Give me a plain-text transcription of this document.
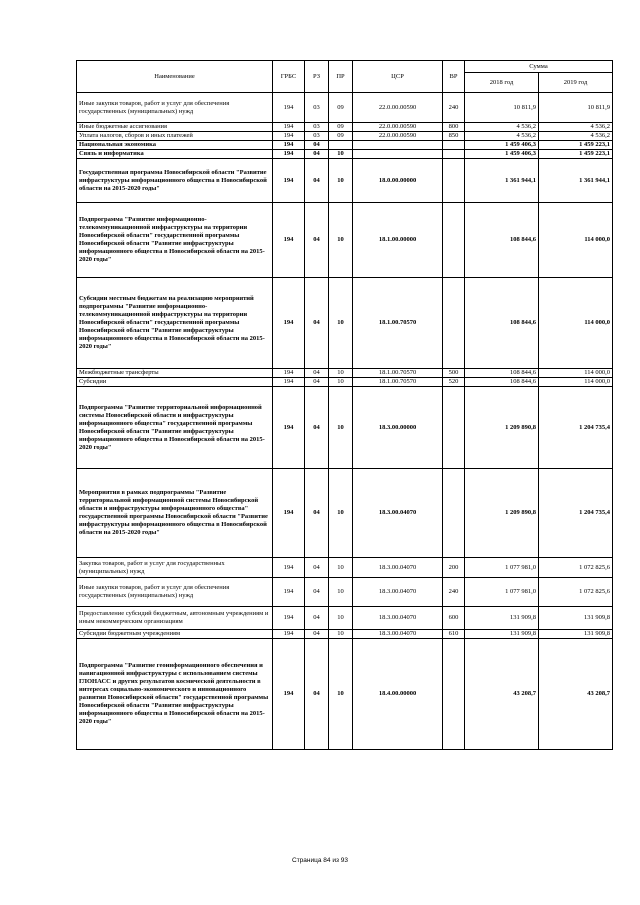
Наименование	ГРБС	РЗ	ПР	ЦСР	ВР	Сумма	
						2018 год	2019 год
Иные закупки товаров, работ и услуг для обеспечения государственных (муниципальных) нужд	194	03	09	22.0.00.00590	240	10 811,9	10 811,9
Иные бюджетные ассигнования	194	03	09	22.0.00.00590	800	4 536,2	4 536,2
Уплата налогов, сборов и иных платежей	194	03	09	22.0.00.00590	850	4 536,2	4 536,2
Национальная экономика	194	04				1 459 406,3	1 459 223,1
Связь и информатика	194	04	10			1 459 406,3	1 459 223,1
Государственная программа Новосибирской области "Развитие инфраструктуры информационного общества в Новосибирской области на 2015-2020 годы"	194	04	10	18.0.00.00000		1 361 944,1	1 361 944,1
Подпрограмма "Развитие информационно-телекоммуникационной инфраструктуры на территории Новосибирской области" государственной программы Новосибирской области "Развитие инфраструктуры информационного общества в Новосибирской области на 2015-2020 годы"	194	04	10	18.1.00.00000		108 844,6	114 000,0
Субсидии местным бюджетам на реализацию мероприятий подпрограммы "Развитие информационно-телекоммуникационной инфраструктуры на территории Новосибирской области" государственной программы Новосибирской области "Развитие инфраструктуры информационного общества в Новосибирской области на 2015-2020 годы"	194	04	10	18.1.00.70570		108 844,6	114 000,0
Межбюджетные трансферты	194	04	10	18.1.00.70570	500	108 844,6	114 000,0
Субсидии	194	04	10	18.1.00.70570	520	108 844,6	114 000,0
Подпрограмма "Развитие территориальной информационной системы Новосибирской области и инфраструктуры информационного общества" государственной программы Новосибирской области "Развитие инфраструктуры информационного общества в Новосибирской области на 2015-2020 годы"	194	04	10	18.3.00.00000		1 209 890,8	1 204 735,4
Мероприятия в рамках подпрограммы "Развитие территориальной информационной системы Новосибирской области и инфраструктуры информационного общества" государственной программы Новосибирской области "Развитие инфраструктуры информационного общества в Новосибирской области на 2015-2020 годы"	194	04	10	18.3.00.04070		1 209 890,8	1 204 735,4
Закупка товаров, работ и услуг для государственных (муниципальных) нужд	194	04	10	18.3.00.04070	200	1 077 981,0	1 072 825,6
Иные закупки товаров, работ и услуг для обеспечения государственных (муниципальных) нужд	194	04	10	18.3.00.04070	240	1 077 981,0	1 072 825,6
Предоставление субсидий бюджетным, автономным учреждениям и иным некоммерческим организациям	194	04	10	18.3.00.04070	600	131 909,8	131 909,8
Субсидии бюджетным учреждениям	194	04	10	18.3.00.04070	610	131 909,8	131 909,8
Подпрограмма "Развитие геоинформационного обеспечения и навигационной инфраструктуры с использованием системы ГЛОНАСС и других результатов космической деятельности в интересах социально-экономического и инновационного развития Новосибирской области" государственной программы Новосибирской области "Развитие инфраструктуры информационного общества в Новосибирской области на 2015-2020 годы"	194	04	10	18.4.00.00000		43 208,7	43 208,7
Страница 84 из 93
